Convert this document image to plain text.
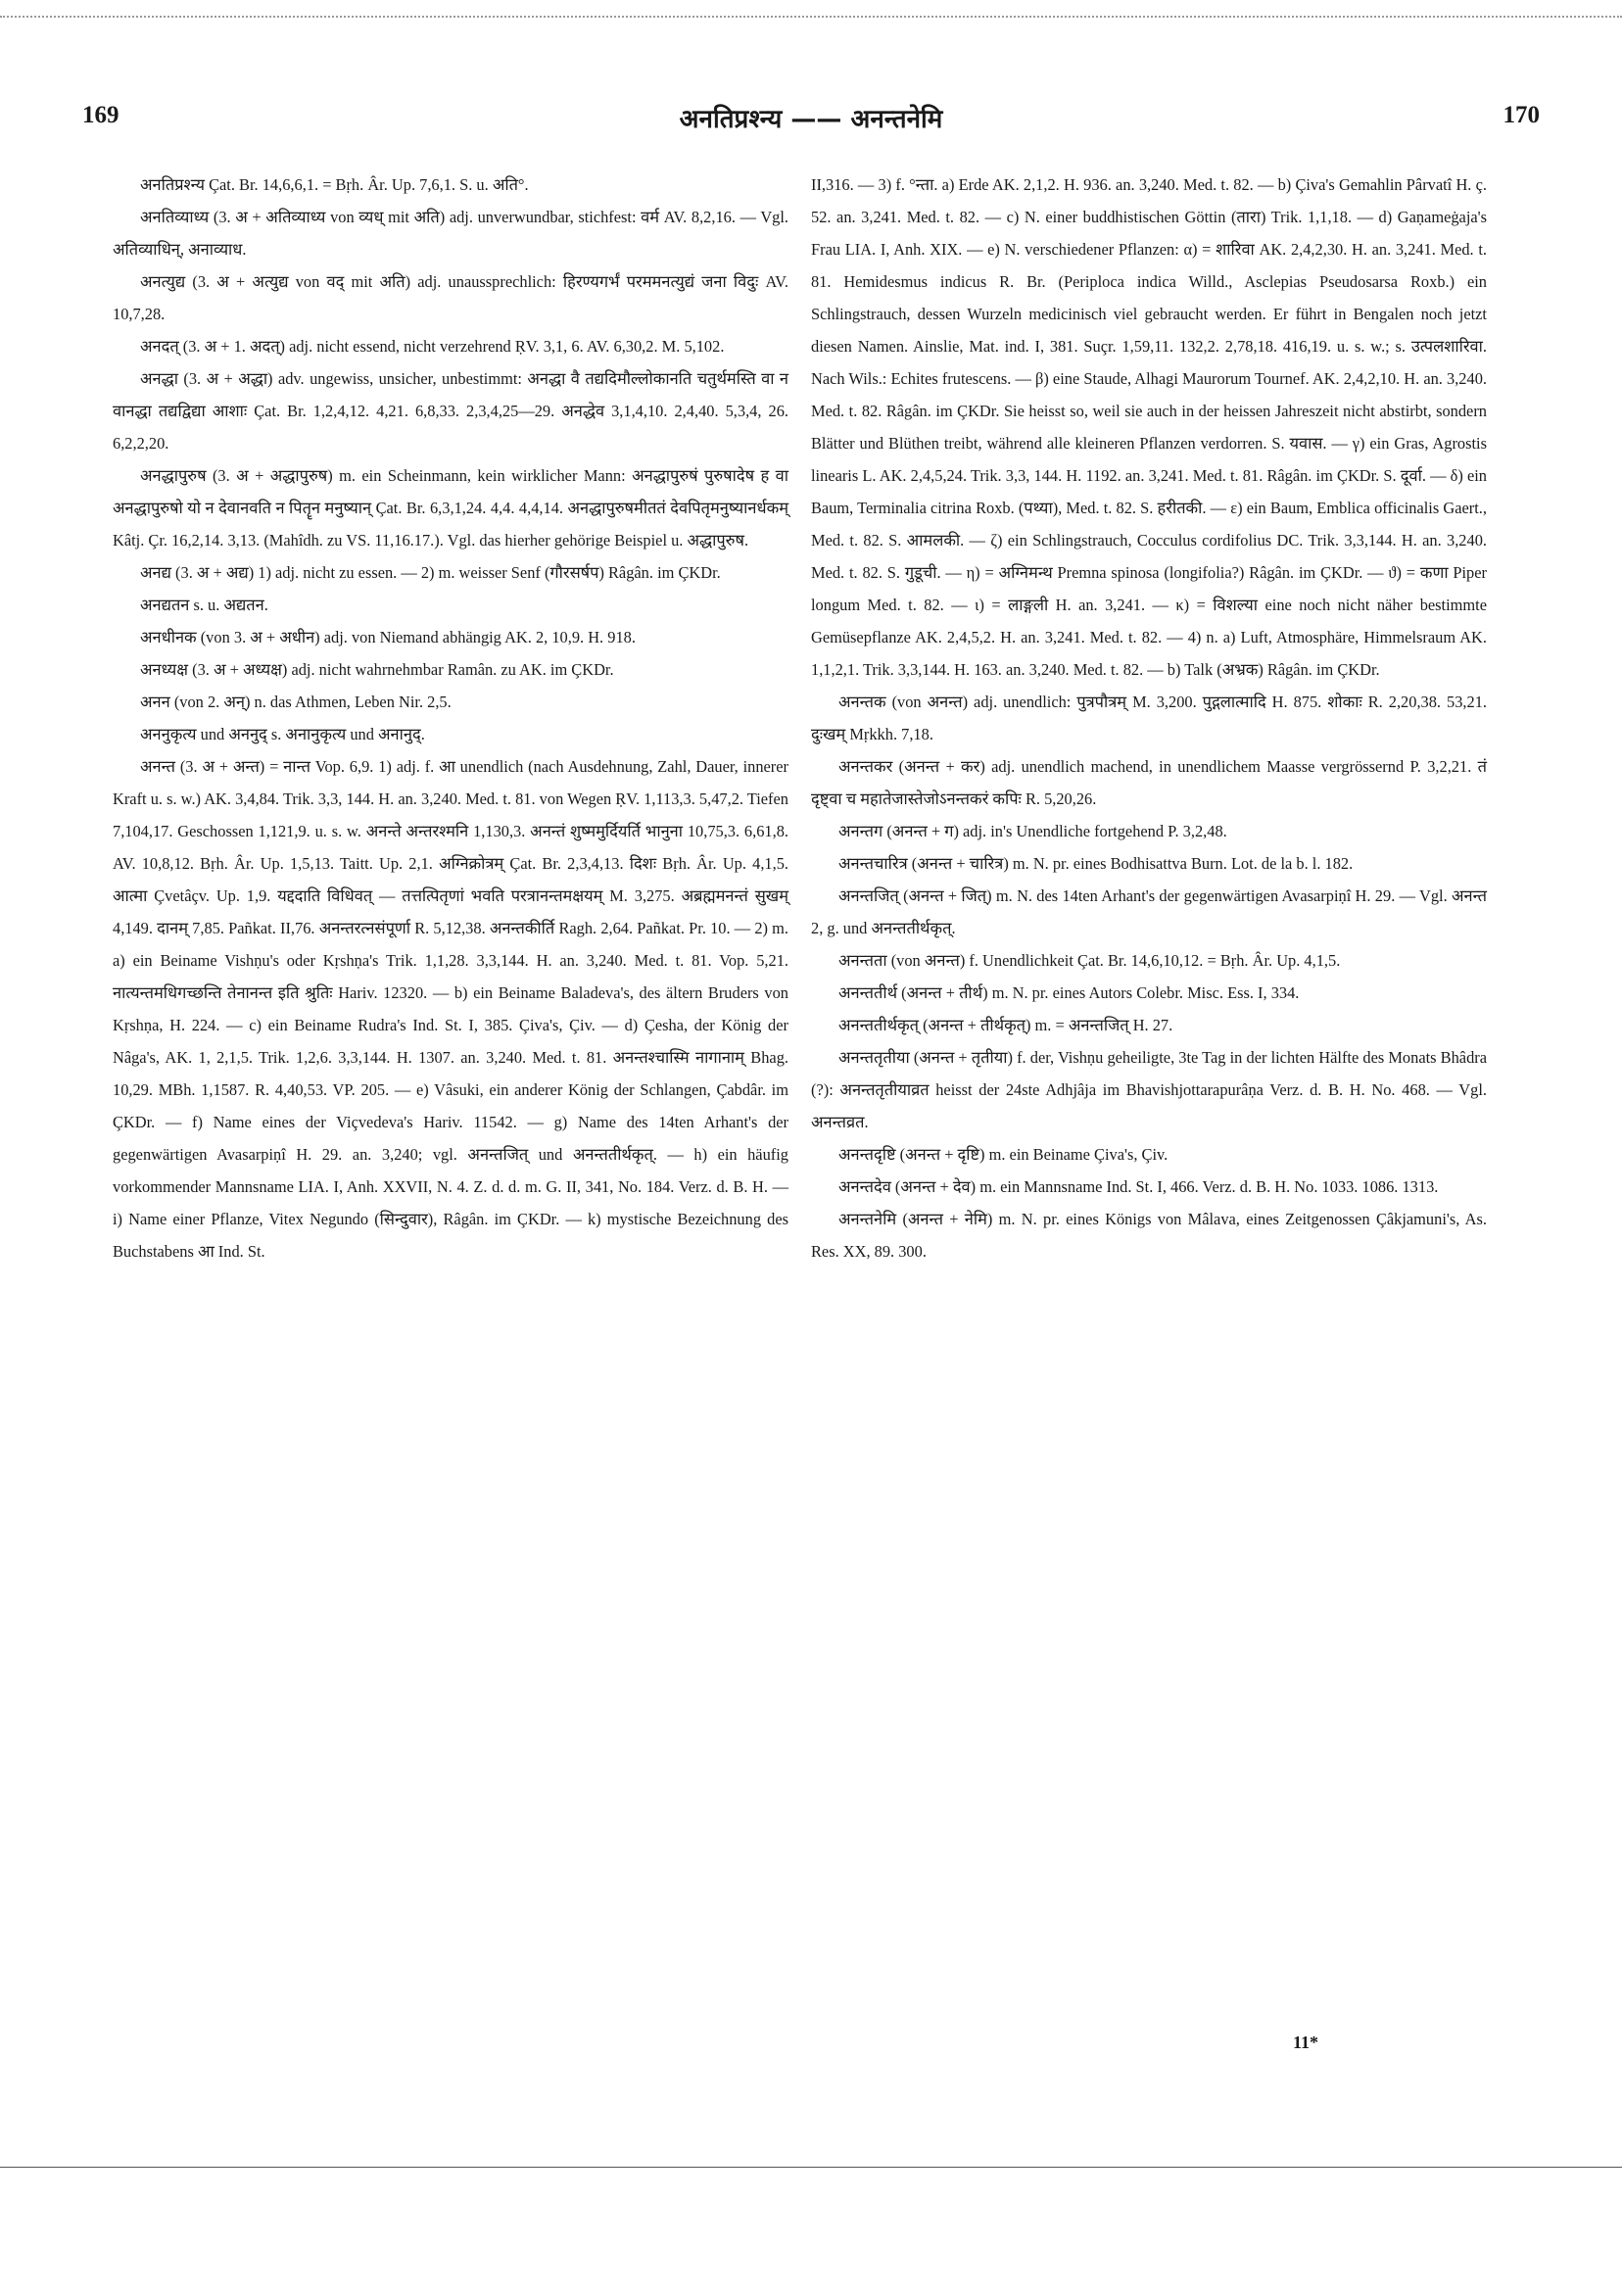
169	अनतिप्रश्न्य —— अनन्तनेमि	170

अनतिप्रश्न्य Çat. Br. 14,6,6,1. = Bṛh. Âr. Up. 7,6,1. S. u. अति°.

अनतिव्याध्य (3. अ + अतिव्याध्य von व्यध् mit अति) adj. unverwundbar, stichfest: वर्म AV. 8,2,16. — Vgl. अतिव्याधिन्, अनाव्याध.

अनत्युद्य (3. अ + अत्युद्य von वद् mit अति) adj. unaussprechlich: हिरण्यगर्भं परममनत्युद्यं जना विदुः AV. 10,7,28.

अनदत् (3. अ + 1. अदत्) adj. nicht essend, nicht verzehrend ṚV. 3,1, 6. AV. 6,30,2. M. 5,102.

अनद्धा (3. अ + अद्धा) adv. ungewiss, unsicher, unbestimmt: अनद्धा वै तद्यदिमौल्लोकानति चतुर्थमस्ति वा न वानद्धा तद्यद्विद्या आशाः Çat. Br. 1,2,4,12. 4,21. 6,8,33. 2,3,4,25—29. अनद्धेव 3,1,4,10. 2,4,40. 5,3,4, 26. 6,2,2,20.

अनद्धापुरुष (3. अ + अद्धापुरुष) m. ein Scheinmann, kein wirklicher Mann: अनद्धापुरुषं पुरुषादेष ह वा अनद्धापुरुषो यो न देवानवति न पितॄन मनुष्यान् Çat. Br. 6,3,1,24. 4,4. 4,4,14. अनद्धापुरुषमीततं देवपितृमनुष्यानर्धकम् Kâtj. Çr. 16,2,14. 3,13. (Mahîdh. zu VS. 11,16.17.). Vgl. das hierher gehörige Beispiel u. अद्धापुरुष.

अनद्य (3. अ + अद्य) 1) adj. nicht zu essen. — 2) m. weisser Senf (गौरसर्षप) Râgân. im ÇKDr.

अनद्यतन s. u. अद्यतन.

अनधीनक (von 3. अ + अधीन) adj. von Niemand abhängig AK. 2, 10,9. H. 918.

अनध्यक्ष (3. अ + अध्यक्ष) adj. nicht wahrnehmbar Ramân. zu AK. im ÇKDr.

अनन (von 2. अन्) n. das Athmen, Leben Nir. 2,5.

अननुकृत्य und अननुद् s. अनानुकृत्य und अनानुद्.

अनन्त (3. अ + अन्त) = नान्त Vop. 6,9. 1) adj. f. आ unendlich (nach Ausdehnung, Zahl, Dauer, innerer Kraft u. s. w.) AK. 3,4,84. Trik. 3,3, 144. H. an. 3,240. Med. t. 81. von Wegen ṚV. 1,113,3. 5,47,2. Tiefen 7,104,17. Geschossen 1,121,9. u. s. w. अनन्ते अन्तरश्मनि 1,130,3. अनन्तं शुष्ममुर्दियर्ति भानुना 10,75,3. 6,61,8. AV. 10,8,12. Bṛh. Âr. Up. 1,5,13. Taitt. Up. 2,1. अग्निक्रोत्रम् Çat. Br. 2,3,4,13. दिशः Bṛh. Âr. Up. 4,1,5. आत्मा Çvetâçv. Up. 1,9. यद्ददाति विधिवत् — तत्तत्पितृणां भवति परत्रानन्तमक्षयम् M. 3,275. अब्रह्ममनन्तं सुखम् 4,149. दानम् 7,85. Pañkat. II,76. अनन्तरत्नसंपूर्णा R. 5,12,38. अनन्तकीर्ति Ragh. 2,64. Pañkat. Pr. 10. — 2) m. a) ein Beiname Vishṇu's oder Kṛshṇa's Trik. 1,1,28. 3,3,144. H. an. 3,240. Med. t. 81. Vop. 5,21. नात्यन्तमधिगच्छन्ति तेनानन्त इति श्रुतिः Hariv. 12320. — b) ein Beiname Baladeva's, des ältern Bruders von Kṛshṇa, H. 224. — c) ein Beiname Rudra's Ind. St. I, 385. Çiva's, Çiv. — d) Çesha, der König der Nâga's, AK. 1, 2,1,5. Trik. 1,2,6. 3,3,144. H. 1307. an. 3,240. Med. t. 81. अनन्तश्चास्मि नागानाम् Bhag. 10,29. MBh. 1,1587. R. 4,40,53. VP. 205. — e) Vâsuki, ein anderer König der Schlangen, Çabdâr. im ÇKDr. — f) Name eines der Viçvedeva's Hariv. 11542. — g) Name des 14ten Arhant's der gegenwärtigen Avasarpiṇî H. 29. an. 3,240; vgl. अनन्तजित् und अनन्ततीर्थकृत्. — h) ein häufig vorkommender Mannsname LIA. I, Anh. XXVII, N. 4. Z. d. d. m. G. II, 341, No. 184. Verz. d. B. H. — i) Name einer Pflanze, Vitex Negundo (सिन्दुवार), Râgân. im ÇKDr. — k) mystische Bezeichnung des Buchstabens आ Ind. St.

II,316. — 3) f. °न्ता. a) Erde AK. 2,1,2. H. 936. an. 3,240. Med. t. 82. — b) Çiva's Gemahlin Pârvatî H. ç. 52. an. 3,241. Med. t. 82. — c) N. einer buddhistischen Göttin (तारा) Trik. 1,1,18. — d) Gaṇameġaja's Frau LIA. I, Anh. XIX. — e) N. verschiedener Pflanzen: α) = शारिवा AK. 2,4,2,30. H. an. 3,241. Med. t. 81. Hemidesmus indicus R. Br. (Periploca indica Willd., Asclepias Pseudosarsa Roxb.) ein Schlingstrauch, dessen Wurzeln medicinisch viel gebraucht werden. Er führt in Bengalen noch jetzt diesen Namen. Ainslie, Mat. ind. I, 381. Suçr. 1,59,11. 132,2. 2,78,18. 416,19. u. s. w.; s. उत्पलशारिवा. Nach Wils.: Echites frutescens. — β) eine Staude, Alhagi Maurorum Tournef. AK. 2,4,2,10. H. an. 3,240. Med. t. 82. Râgân. im ÇKDr. Sie heisst so, weil sie auch in der heissen Jahreszeit nicht abstirbt, sondern Blätter und Blüthen treibt, während alle kleineren Pflanzen verdorren. S. यवास. — γ) ein Gras, Agrostis linearis L. AK. 2,4,5,24. Trik. 3,3, 144. H. 1192. an. 3,241. Med. t. 81. Râgân. im ÇKDr. S. दूर्वा. — δ) ein Baum, Terminalia citrina Roxb. (पथ्या), Med. t. 82. S. हरीतकी. — ε) ein Baum, Emblica officinalis Gaert., Med. t. 82. S. आमलकी. — ζ) ein Schlingstrauch, Cocculus cordifolius DC. Trik. 3,3,144. H. an. 3,240. Med. t. 82. S. गुडूची. — η) = अग्निमन्थ Premna spinosa (longifolia?) Râgân. im ÇKDr. — ϑ) = कणा Piper longum Med. t. 82. — ι) = लाङ्गली H. an. 3,241. — κ) = विशल्या eine noch nicht näher bestimmte Gemüsepflanze AK. 2,4,5,2. H. an. 3,241. Med. t. 82. — 4) n. a) Luft, Atmosphäre, Himmelsraum AK. 1,1,2,1. Trik. 3,3,144. H. 163. an. 3,240. Med. t. 82. — b) Talk (अभ्रक) Râgân. im ÇKDr.

अनन्तक (von अनन्त) adj. unendlich: पुत्रपौत्रम् M. 3,200. पुद्गलात्मादि H. 875. शोकाः R. 2,20,38. 53,21. दुःखम् Mṛkkh. 7,18.

अनन्तकर (अनन्त + कर) adj. unendlich machend, in unendlichem Maasse vergrössernd P. 3,2,21. तं दृष्ट्वा च महातेजास्तेजोऽनन्तकरं कपिः R. 5,20,26.

अनन्तग (अनन्त + ग) adj. in's Unendliche fortgehend P. 3,2,48.

अनन्तचारित्र (अनन्त + चारित्र) m. N. pr. eines Bodhisattva Burn. Lot. de la b. l. 182.

अनन्तजित् (अनन्त + जित्) m. N. des 14ten Arhant's der gegenwärtigen Avasarpiṇî H. 29. — Vgl. अनन्त 2, g. und अनन्ततीर्थकृत्.

अनन्तता (von अनन्त) f. Unendlichkeit Çat. Br. 14,6,10,12. = Bṛh. Âr. Up. 4,1,5.

अनन्ततीर्थ (अनन्त + तीर्थ) m. N. pr. eines Autors Colebr. Misc. Ess. I, 334.

अनन्ततीर्थकृत् (अनन्त + तीर्थकृत्) m. = अनन्तजित् H. 27.

अनन्ततृतीया (अनन्त + तृतीया) f. der, Vishṇu geheiligte, 3te Tag in der lichten Hälfte des Monats Bhâdra (?): अनन्ततृतीयाव्रत heisst der 24ste Adhjâja im Bhavishjottarapurâṇa Verz. d. B. H. No. 468. — Vgl. अनन्तव्रत.

अनन्तदृष्टि (अनन्त + दृष्टि) m. ein Beiname Çiva's, Çiv.

अनन्तदेव (अनन्त + देव) m. ein Mannsname Ind. St. I, 466. Verz. d. B. H. No. 1033. 1086. 1313.

अनन्तनेमि (अनन्त + नेमि) m. N. pr. eines Königs von Mâlava, eines Zeitgenossen Çâkjamuni's, As. Res. XX, 89. 300.

11*
